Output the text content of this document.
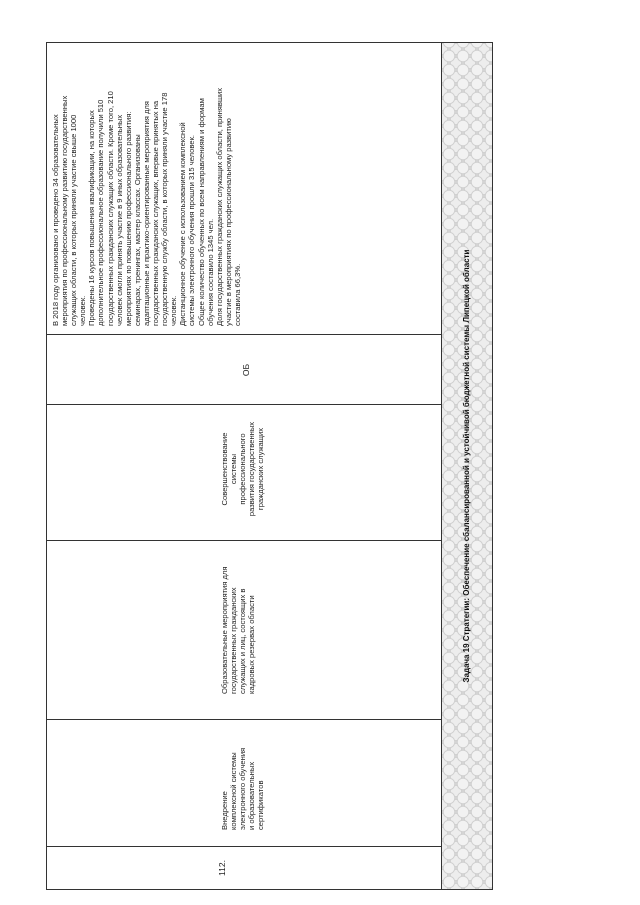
112.
Внедрение комплексной системы электронного обучения и образовательных сертификатов
Образовательные мероприятия для государственных гражданских служащих и лиц, состоящих в кадровых резервах области
Совершенствование системы профессионального развития государственных гражданских служащих
ОБ
В 2018 году организовано и проведено 34 образовательных мероприятия по профессиональному развитию государственных служащих области, в которых приняли участие свыше 1000 человек. Проведены 16 курсов повышения квалификации, на которых дополнительное профессиональное образование получили 510 государственных гражданских служащих области. Кроме того, 210 человек смогли принять участие в 9 иных образовательных мероприятиях по повышению профессионального развития: семинарах, тренингах, мастер классах. Организованы адаптационные и практико-ориентированные мероприятия для государственных гражданских служащих, впервые принятых на государственную службу области, в которых приняли участие 178 человек. Дистанционное обучение с использованием комплексной системы электронного обучения прошли 315 человек. Общее количество обученных по всем направлениям и формам обучения составило 1345 чел. Доля государственных гражданских служащих области, принявших участие в мероприятиях по профессиональному развитию составила 66,3%.	Задача 19 Стратегии: Обеспечение сбалансированной и устойчивой бюджетной системы Липецкой области
